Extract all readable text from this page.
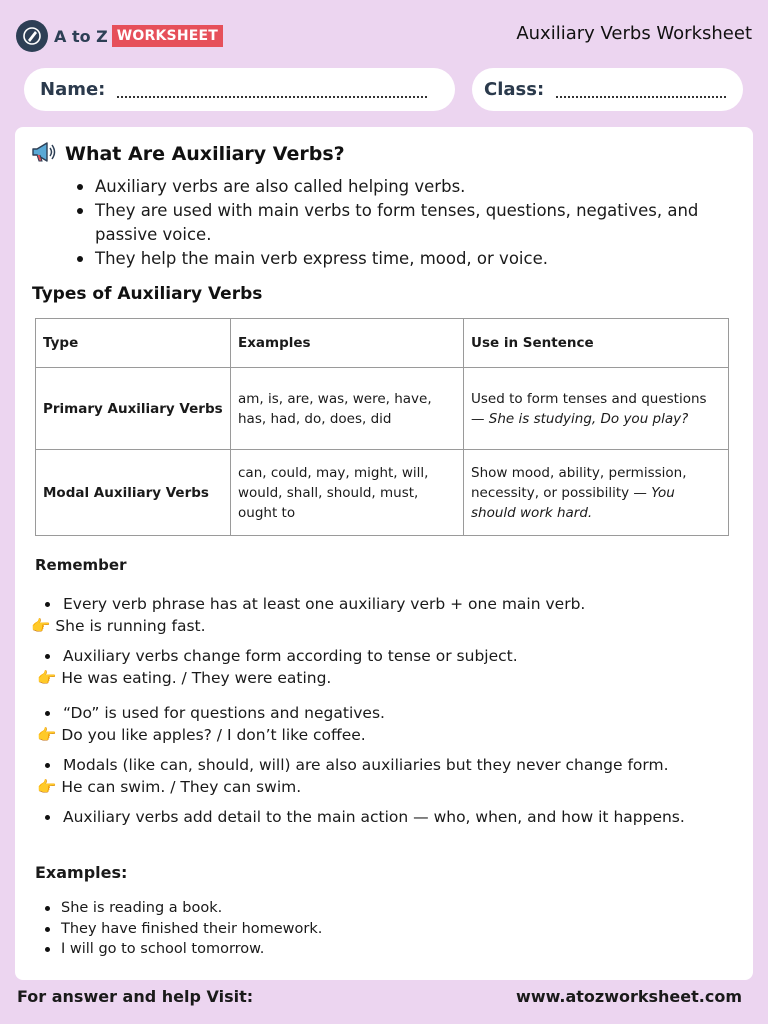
A to Z WORKSHEET	Auxiliary Verbs Worksheet
Name:	Class:
What Are Auxiliary Verbs?
Auxiliary verbs are also called helping verbs.
They are used with main verbs to form tenses, questions, negatives, and passive voice.
They help the main verb express time, mood, or voice.
Types of Auxiliary Verbs
Type	Examples	Use in Sentence
Primary Auxiliary Verbs	am, is, are, was, were, have, has, had, do, does, did	Used to form tenses and questions — She is studying, Do you play?
Modal Auxiliary Verbs	can, could, may, might, will, would, shall, should, must, ought to	Show mood, ability, permission, necessity, or possibility — You should work hard.
Remember
Every verb phrase has at least one auxiliary verb + one main verb.
👉 She is running fast.
Auxiliary verbs change form according to tense or subject.
👉 He was eating. / They were eating.
“Do” is used for questions and negatives.
👉 Do you like apples? / I don’t like coffee.
Modals (like can, should, will) are also auxiliaries but they never change form.
👉 He can swim. / They can swim.
Auxiliary verbs add detail to the main action — who, when, and how it happens.
Examples:
She is reading a book.
They have finished their homework.
I will go to school tomorrow.
For answer and help Visit:	www.atozworksheet.com
